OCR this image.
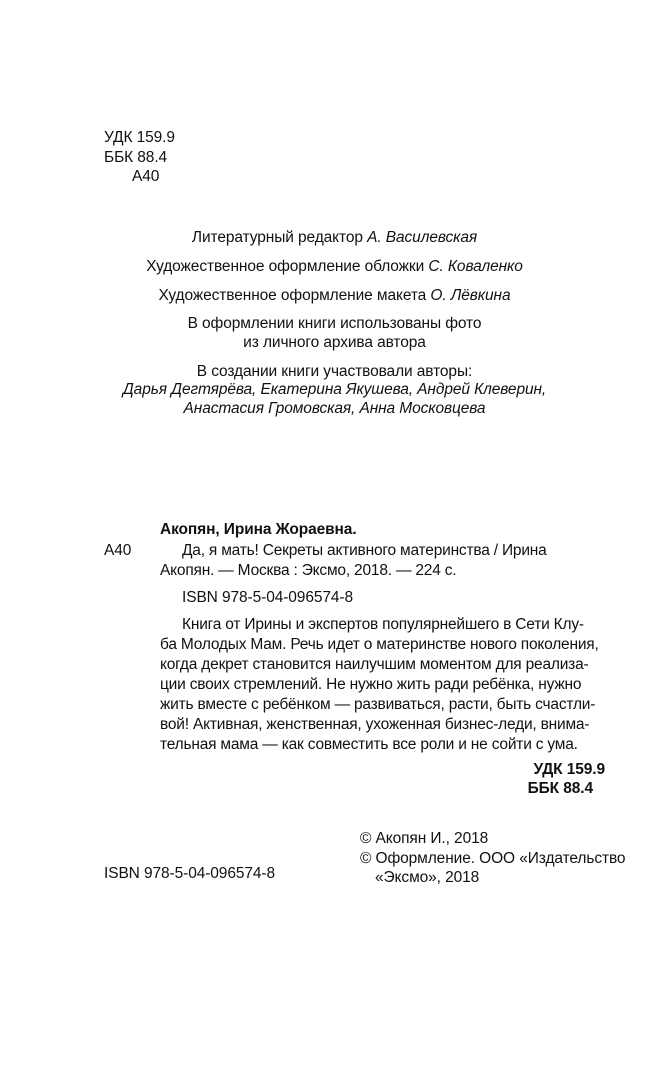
УДК 159.9
ББК 88.4
А40
Литературный редактор А. Василевская
Художественное оформление обложки С. Коваленко
Художественное оформление макета О. Лёвкина
В оформлении книги использованы фото
из личного архива автора
В создании книги участвовали авторы:
Дарья Дегтярёва, Екатерина Якушева, Андрей Клеверин,
Анастасия Громовская, Анна Московцева
Акопян, Ирина Жораевна.
А40	Да, я мать! Секреты активного материнства / Ирина
Акопян. — Москва : Эксмо, 2018. — 224 с.
ISBN 978-5-04-096574-8
Книга от Ирины и экспертов популярнейшего в Сети Клу-
ба Молодых Мам. Речь идет о материнстве нового поколения,
когда декрет становится наилучшим моментом для реализа-
ции своих стремлений. Не нужно жить ради ребёнка, нужно
жить вместе с ребёнком — развиваться, расти, быть счастли-
вой! Активная, женственная, ухоженная бизнес-леди, внима-
тельная мама — как совместить все роли и не сойти с ума.
УДК 159.9
ББК 88.4
© Акопян И., 2018
ISBN 978-5-04-096574-8
© Оформление. ООО «Издательство
«Эксмо», 2018
